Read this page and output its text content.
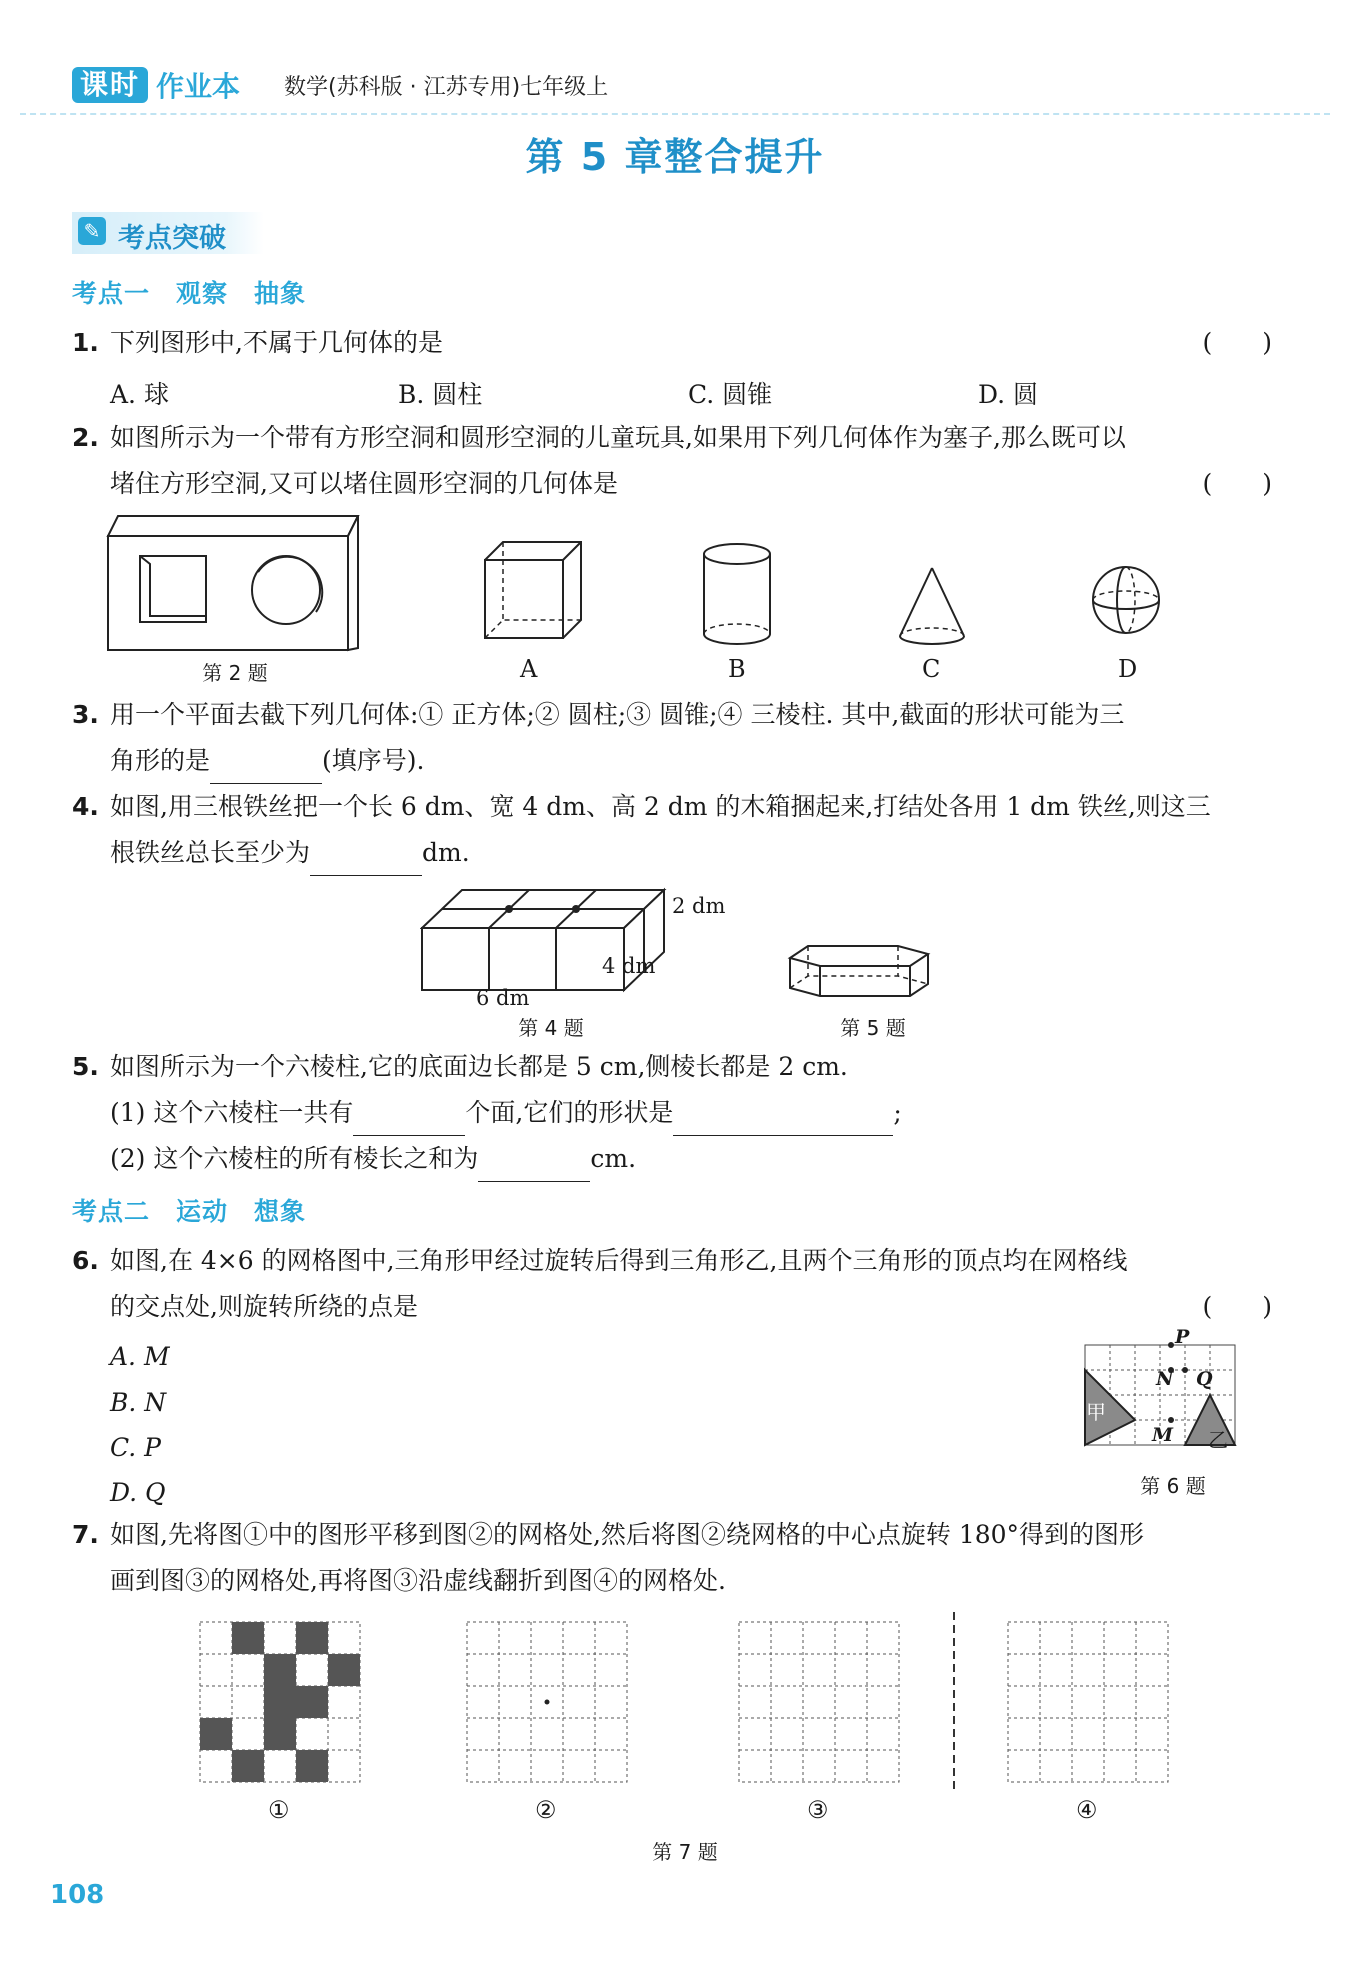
课时 作业本 数学(苏科版 · 江苏专用)七年级上
第 5 章整合提升
✎ 考点突破
考点一　观察　抽象
1. 下列图形中,不属于几何体的是	(　　)
A. 球	B. 圆柱	C. 圆锥	D. 圆
2. 如图所示为一个带有方形空洞和圆形空洞的儿童玩具,如果用下列几何体作为塞子,那么既可以
堵住方形空洞,又可以堵住圆形空洞的几何体是	(　　)
第 2 题	A	B	C	D
3. 用一个平面去截下列几何体:① 正方体;② 圆柱;③ 圆锥;④ 三棱柱. 其中,截面的形状可能为三
角形的是	(填序号).
4. 如图,用三根铁丝把一个长 6 dm、宽 4 dm、高 2 dm 的木箱捆起来,打结处各用 1 dm 铁丝,则这三
根铁丝总长至少为	dm.
2 dm
4 dm
6 dm
第 4 题	第 5 题
5. 如图所示为一个六棱柱,它的底面边长都是 5 cm,侧棱长都是 2 cm.
(1) 这个六棱柱一共有	个面,它们的形状是	;
(2) 这个六棱柱的所有棱长之和为	cm.
考点二　运动　想象
6. 如图,在 4×6 的网格图中,三角形甲经过旋转后得到三角形乙,且两个三角形的顶点均在网格线
的交点处,则旋转所绕的点是	(　　)
A. M
B. N
C. P
D. Q
甲
乙
P
N Q
M
第 6 题
7. 如图,先将图①中的图形平移到图②的网格处,然后将图②绕网格的中心点旋转 180°得到的图形
画到图③的网格处,再将图③沿虚线翻折到图④的网格处.
①	②	③	④
第 7 题
108
